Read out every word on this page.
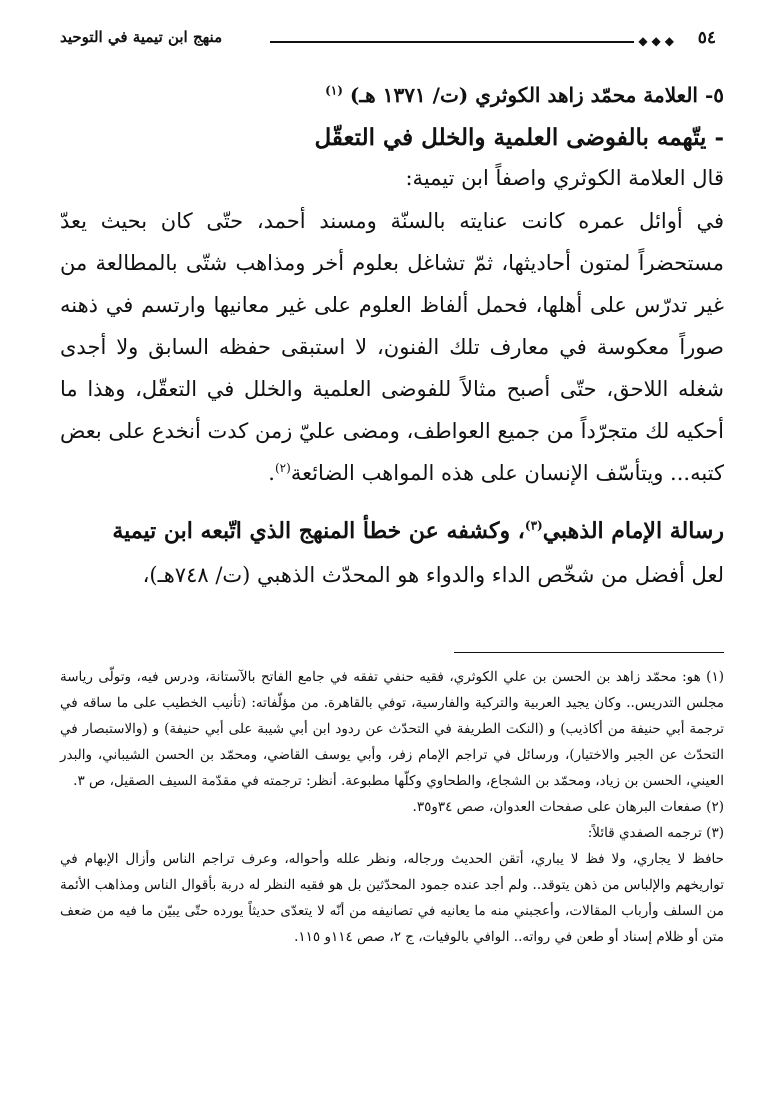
٥٤
◆◆◆
منهج ابن تيمية في التوحيد

٥- العلامة محمّد زاهد الكوثري (ت/ ١٣٧١ هـ) $^{(١)}$

- يتّهمه بالفوضى العلمية والخلل في التعقّل

قال العلامة الكوثري واصفاً ابن تيمية:

في أوائل عمره كانت عنايته بالسنّة ومسند أحمد، حتّى كان بحيث يعدّ مستحضراً لمتون أحاديثها، ثمّ تشاغل بعلوم أخر ومذاهب شتّى بالمطالعة من غير تدرّس على أهلها، فحمل ألفاظ العلوم على غير معانيها وارتسم في ذهنه صوراً معكوسة في معارف تلك الفنون، لا استبقى حفظه السابق ولا أجدى شغله اللاحق، حتّى أصبح مثالاً للفوضى العلمية والخلل في التعقّل، وهذا ما أحكيه لك متجرّداً من جميع العواطف، ومضى عليّ زمن كدت أنخدع على بعض كتبه... ويتأسّف الإنسان على هذه المواهب الضائعة$^{(٢)}$.

رسالة الإمام الذهبي$^{(٣)}$، وكشفه عن خطأ المنهج الذي اتّبعه ابن تيمية

لعل أفضل من شخّص الداء والدواء هو المحدّث الذهبي (ت/ ٧٤٨هـ)،

(١) هو: محمّد زاهد بن الحسن بن علي الكوثري، فقيه حنفي تفقه في جامع الفاتح بالآستانة، ودرس فيه، وتولّى رياسة مجلس التدريس.. وكان يجيد العربية والتركية والفارسية، توفي بالقاهرة. من مؤلّفاته: (تأنيب الخطيب على ما ساقه في ترجمة أبي حنيفة من أكاذيب) و (النكت الطريفة في التحدّث عن ردود ابن أبي شيبة على أبي حنيفة) و (والاستبصار في التحدّث عن الجبر والاختيار)، ورسائل في تراجم الإمام زفر، وأبي يوسف القاضي، ومحمّد بن الحسن الشيباني، والبدر العيني، الحسن بن زياد، ومحمّد بن الشجاع، والطحاوي وكلّها مطبوعة. أنظر: ترجمته في مقدّمة السيف الصقيل، ص ٣.

(٢) صفعات البرهان على صفحات العدوان، صص ٣٤و٣٥.

(٣) ترجمه الصفدي قائلاً:

حافظ لا يجاري، ولا فظ لا يباري، أتقن الحديث ورجاله، ونظر علله وأحواله، وعرف تراجم الناس وأزال الإبهام في تواريخهم والإلباس من ذهن يتوقد.. ولم أجد عنده جمود المحدّثين بل هو فقيه النظر له دربة بأقوال الناس ومذاهب الأئمة من السلف وأرباب المقالات، وأعجبني منه ما يعانيه في تصانيفه من أنّه لا يتعدّى حديثاً يورده حتّى يبيّن ما فيه من ضعف متن أو ظلام إسناد أو طعن في رواته.. الوافي بالوفيات، ج ٢، صص ١١٤و ١١٥.
